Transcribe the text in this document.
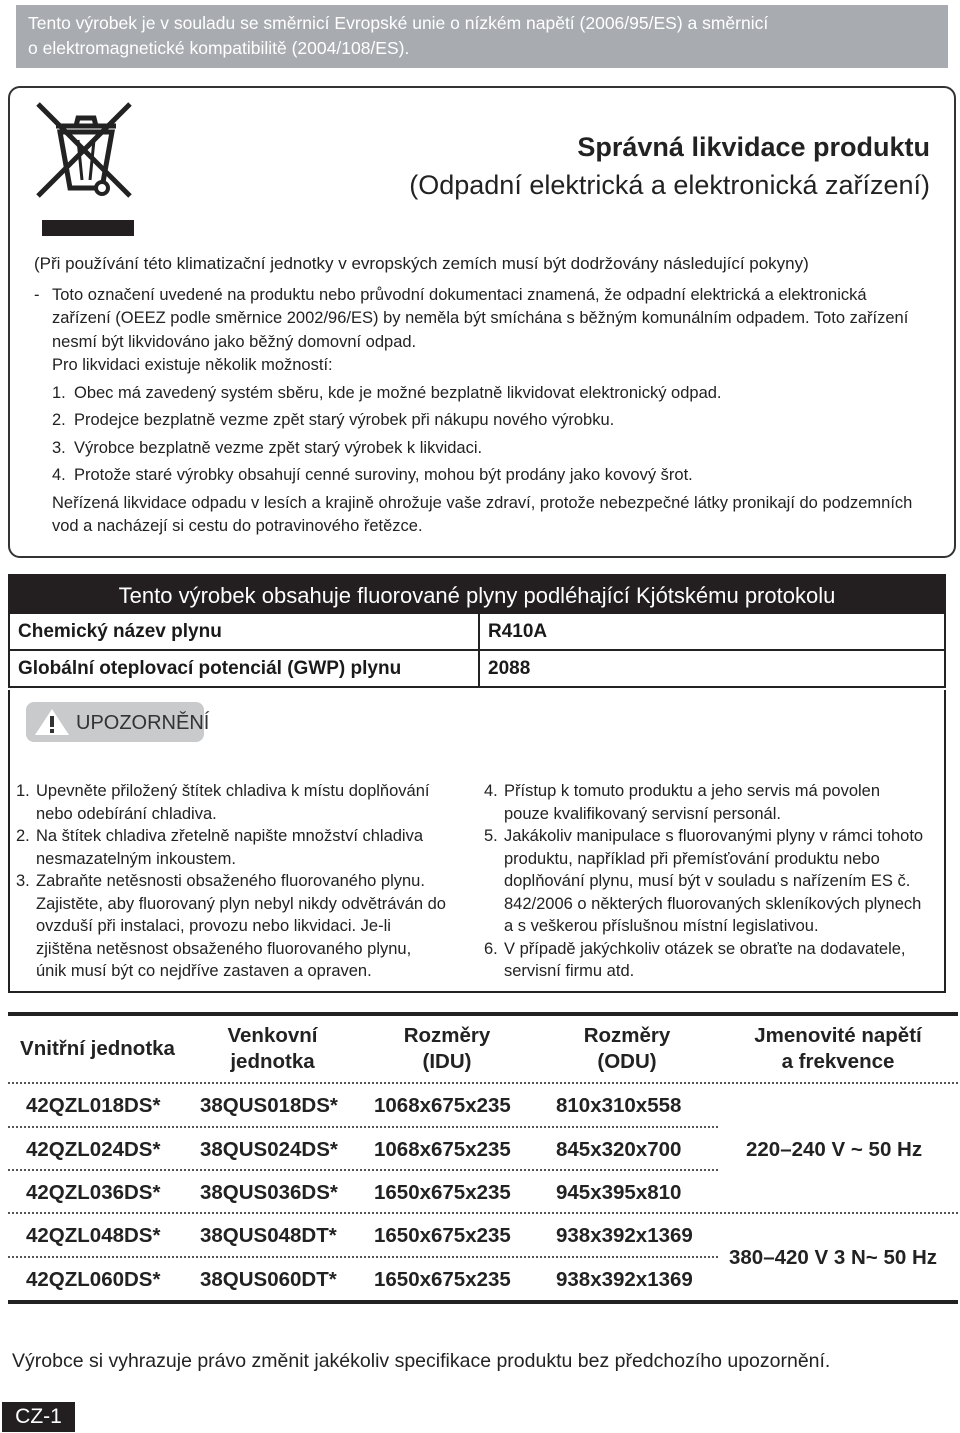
Tento výrobek je v souladu se směrnicí Evropské unie o nízkém napětí (2006/95/ES) a směrnicí
o elektromagnetické kompatibilitě (2004/108/ES).
Správná likvidace produktu
(Odpadní elektrická a elektronická zařízení)

(Při používání této klimatizační jednotky v evropských zemích musí být dodržovány následující pokyny)

- Toto označení uvedené na produktu nebo průvodní dokumentaci znamená, že odpadní elektrická a elektronická zařízení (OEEZ podle směrnice 2002/96/ES) by neměla být smíchána s běžným komunálním odpadem. Toto zařízení nesmí být likvidováno jako běžný domovní odpad.
Pro likvidaci existuje několik možností:
1. Obec má zavedený systém sběru, kde je možné bezplatně likvidovat elektronický odpad.
2. Prodejce bezplatně vezme zpět starý výrobek při nákupu nového výrobku.
3. Výrobce bezplatně vezme zpět starý výrobek k likvidaci.
4. Protože staré výrobky obsahují cenné suroviny, mohou být prodány jako kovový šrot.
Neřízená likvidace odpadu v lesích a krajině ohrožuje vaše zdraví, protože nebezpečné látky pronikají do podzemních vod a nacházejí si cestu do potravinového řetězce.
Tento výrobek obsahuje fluorované plyny podléhající Kjótskému protokolu
Chemický název plynu	R410A
Globální oteplovací potenciál (GWP) plynu	2088
UPOZORNĚNÍ
1. Upevněte přiložený štítek chladiva k místu doplňování nebo odebírání chladiva.
2. Na štítek chladiva zřetelně napište množství chladiva nesmazatelným inkoustem.
3. Zabraňte netěsnosti obsaženého fluorovaného plynu. Zajistěte, aby fluorovaný plyn nebyl nikdy odvětráván do ovzduší při instalaci, provozu nebo likvidaci. Je-li zjištěna netěsnost obsaženého fluorovaného plynu, únik musí být co nejdříve zastaven a opraven.
4. Přístup k tomuto produktu a jeho servis má povolen pouze kvalifikovaný servisní personál.
5. Jakákoliv manipulace s fluorovanými plyny v rámci tohoto produktu, například při přemísťování produktu nebo doplňování plynu, musí být v souladu s nařízením ES č. 842/2006 o některých fluorovaných skleníkových plynech a s veškerou příslušnou místní legislativou.
6. V případě jakýchkoliv otázek se obraťte na dodavatele, servisní firmu atd.
Vnitřní jednotka
Venkovní
jednotka
Rozměry
(IDU)
Rozměry
(ODU)
Jmenovité napětí
a frekvence
42QZL018DS* 38QUS018DS* 1068x675x235 810x310x558
42QZL024DS* 38QUS024DS* 1068x675x235 845x320x700
42QZL036DS* 38QUS036DS* 1650x675x235 945x395x810
42QZL048DS* 38QUS048DT* 1650x675x235 938x392x1369
42QZL060DS* 38QUS060DT* 1650x675x235 938x392x1369
220–240 V ~ 50 Hz
380–420 V 3 N~ 50 Hz
Výrobce si vyhrazuje právo změnit jakékoliv specifikace produktu bez předchozího upozornění.
CZ-1
